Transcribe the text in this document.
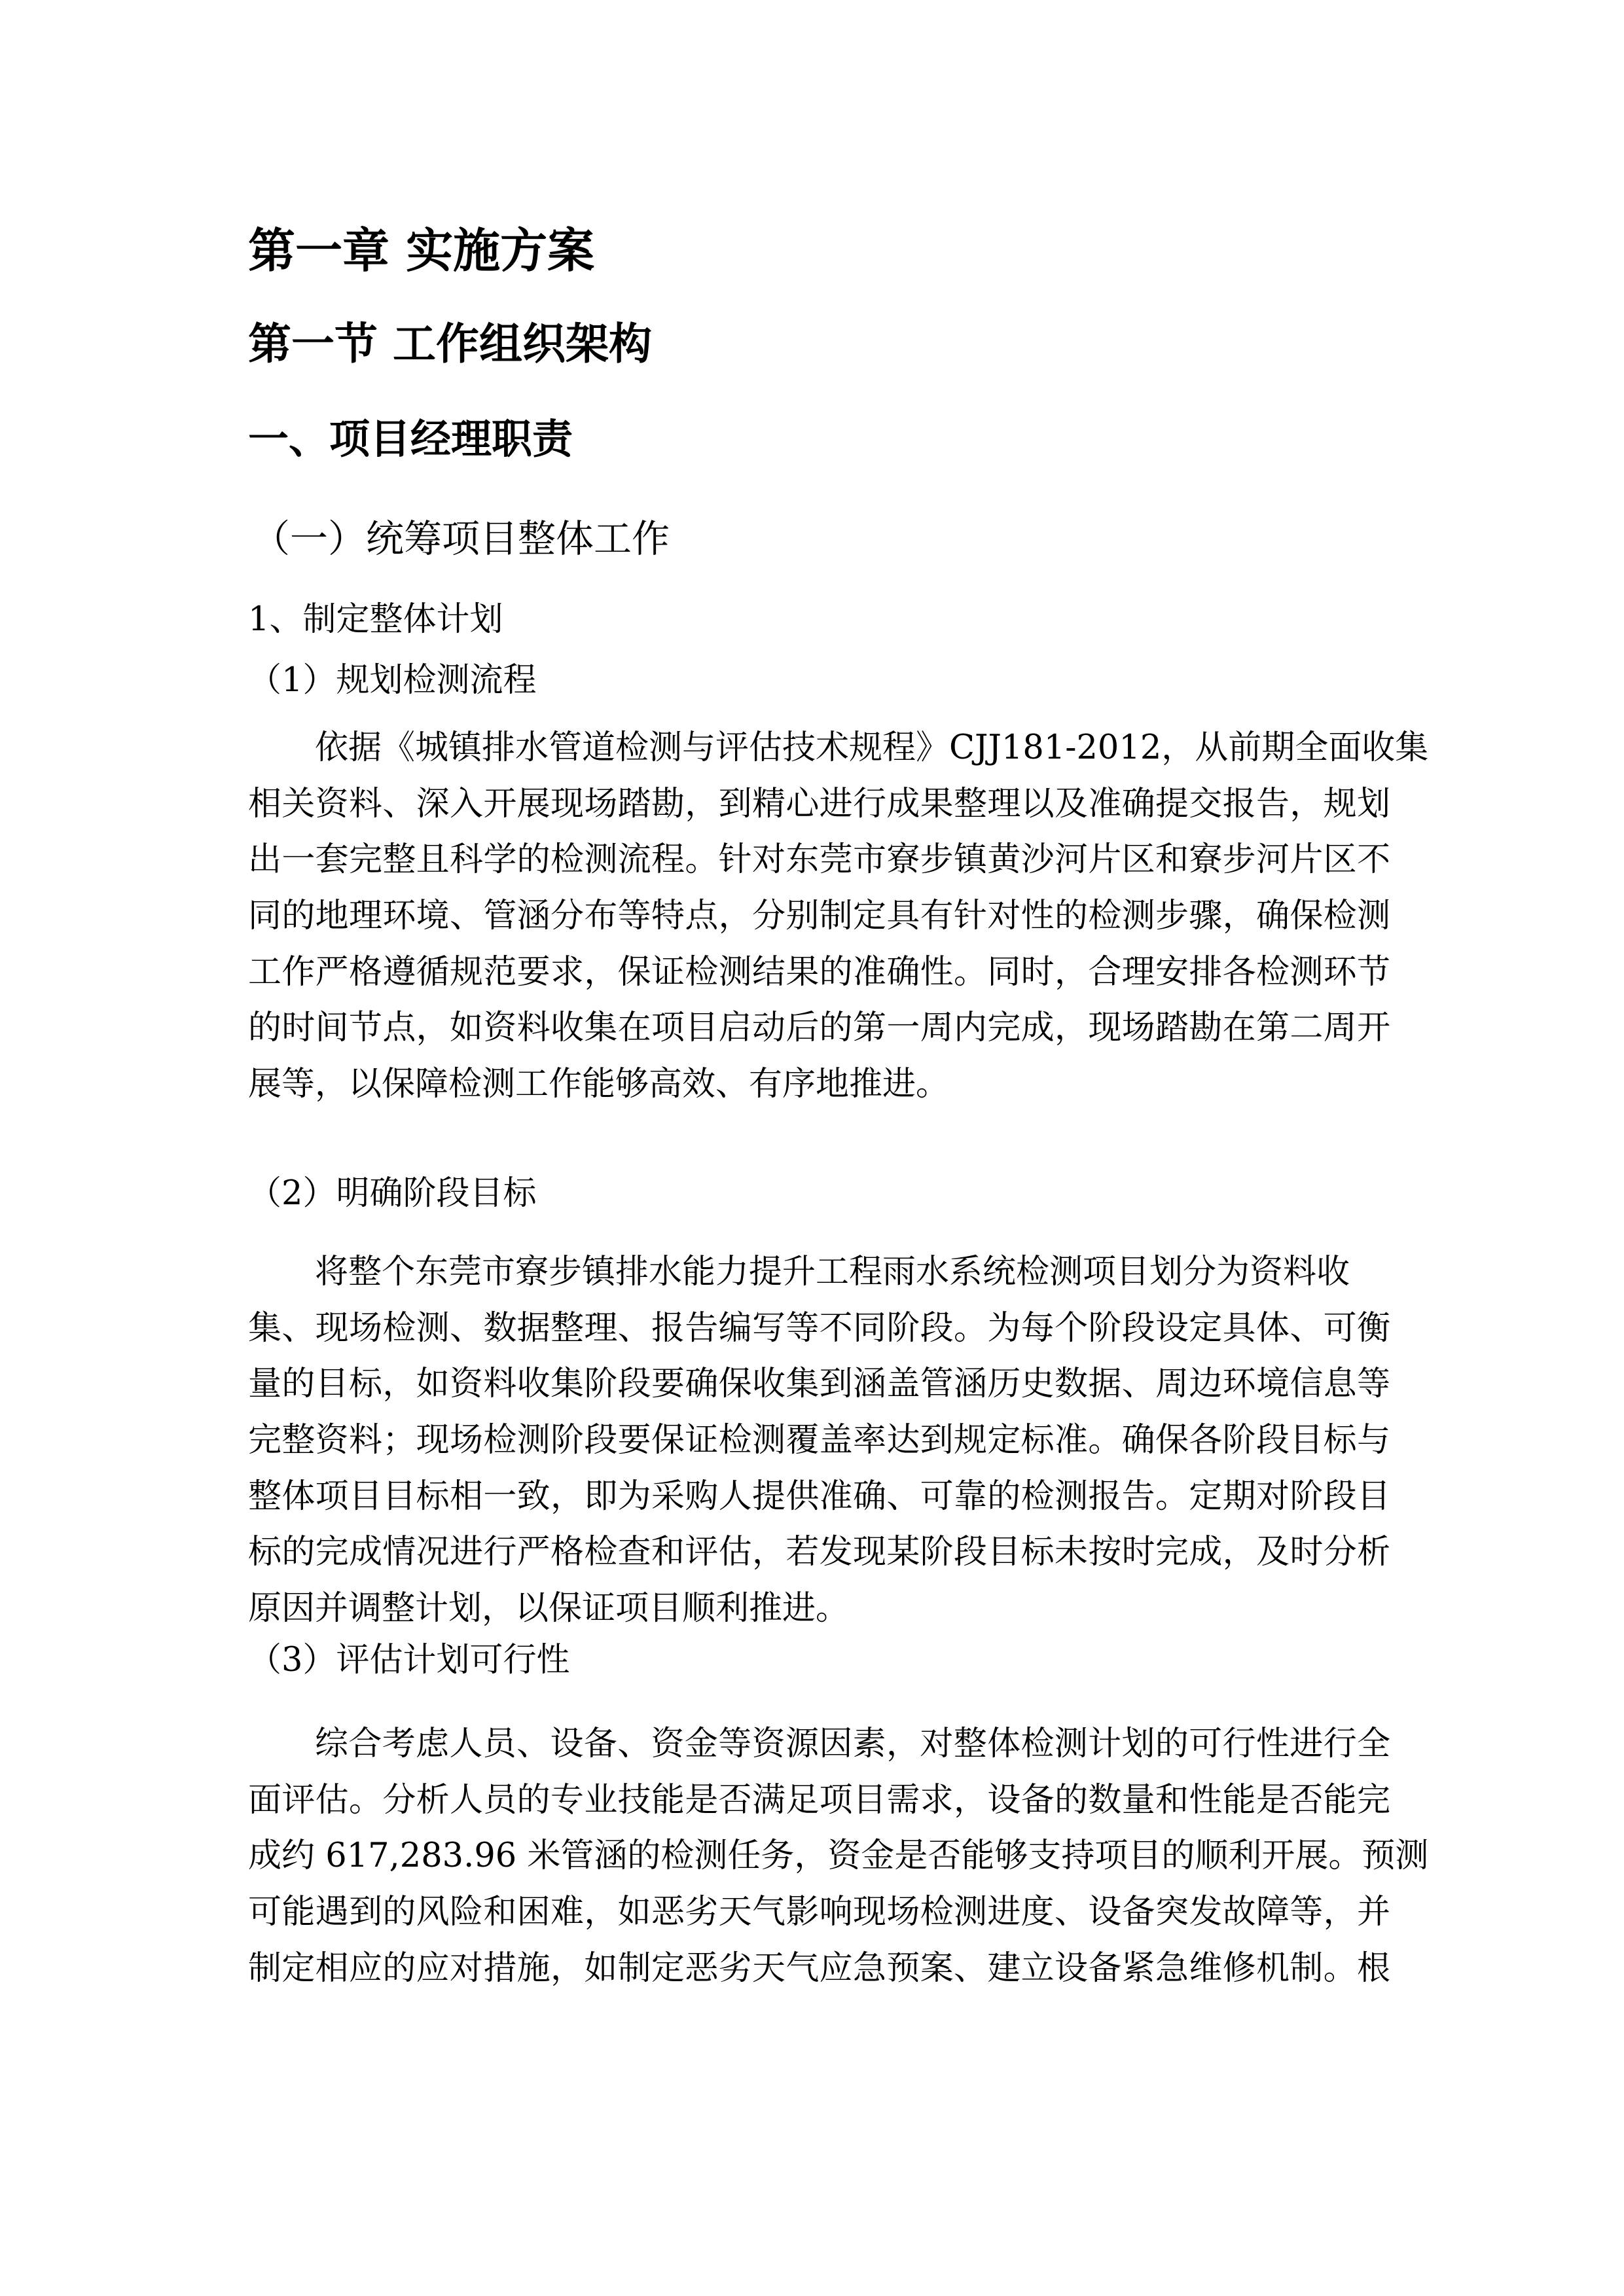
第一章 实施方案
第一节 工作组织架构
一、项目经理职责
（一）统筹项目整体工作
1、制定整体计划
（1）规划检测流程
依据《城镇排水管道检测与评估技术规程》CJJ181-2012，从前期全面收集
相关资料、深入开展现场踏勘，到精心进行成果整理以及准确提交报告，规划
出一套完整且科学的检测流程。针对东莞市寮步镇黄沙河片区和寮步河片区不
同的地理环境、管涵分布等特点，分别制定具有针对性的检测步骤，确保检测
工作严格遵循规范要求，保证检测结果的准确性。同时，合理安排各检测环节
的时间节点，如资料收集在项目启动后的第一周内完成，现场踏勘在第二周开
展等，以保障检测工作能够高效、有序地推进。
（2）明确阶段目标
将整个东莞市寮步镇排水能力提升工程雨水系统检测项目划分为资料收
集、现场检测、数据整理、报告编写等不同阶段。为每个阶段设定具体、可衡
量的目标，如资料收集阶段要确保收集到涵盖管涵历史数据、周边环境信息等
完整资料；现场检测阶段要保证检测覆盖率达到规定标准。确保各阶段目标与
整体项目目标相一致，即为采购人提供准确、可靠的检测报告。定期对阶段目
标的完成情况进行严格检查和评估，若发现某阶段目标未按时完成，及时分析
原因并调整计划，以保证项目顺利推进。
（3）评估计划可行性
综合考虑人员、设备、资金等资源因素，对整体检测计划的可行性进行全
面评估。分析人员的专业技能是否满足项目需求，设备的数量和性能是否能完
成约 617,283.96 米管涵的检测任务，资金是否能够支持项目的顺利开展。预测
可能遇到的风险和困难，如恶劣天气影响现场检测进度、设备突发故障等，并
制定相应的应对措施，如制定恶劣天气应急预案、建立设备紧急维修机制。根
